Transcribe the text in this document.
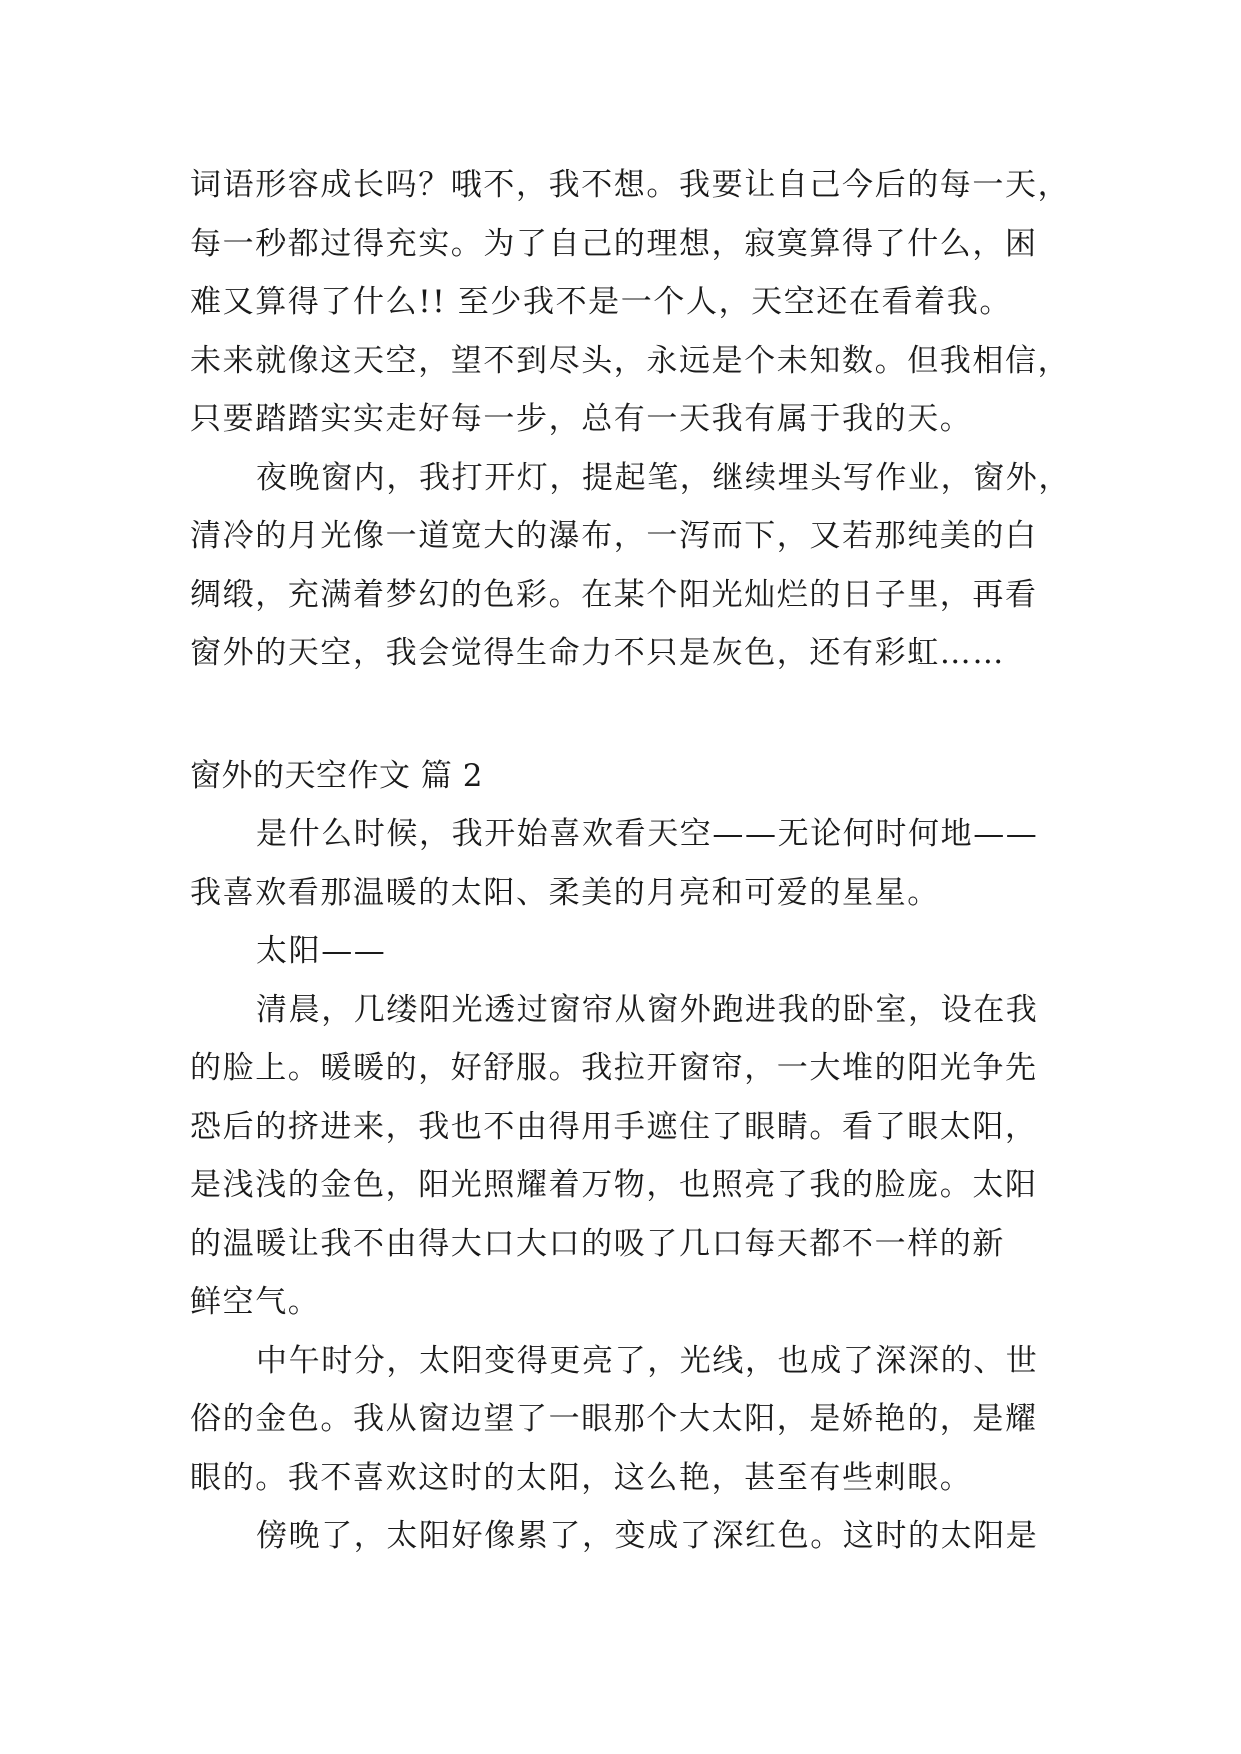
词语形容成长吗？哦不，我不想。我要让自己今后的每一天，
每一秒都过得充实。为了自己的理想，寂寞算得了什么，困
难又算得了什么!! 至少我不是一个人，天空还在看着我。
未来就像这天空，望不到尽头，永远是个未知数。但我相信，
只要踏踏实实走好每一步，总有一天我有属于我的天。
夜晚窗内，我打开灯，提起笔，继续埋头写作业，窗外，
清冷的月光像一道宽大的瀑布，一泻而下，又若那纯美的白
绸缎，充满着梦幻的色彩。在某个阳光灿烂的日子里，再看
窗外的天空，我会觉得生命力不只是灰色，还有彩虹……
窗外的天空作文 篇 2
是什么时候，我开始喜欢看天空——无论何时何地——
我喜欢看那温暖的太阳、柔美的月亮和可爱的星星。
太阳——
清晨，几缕阳光透过窗帘从窗外跑进我的卧室，设在我
的脸上。暖暖的，好舒服。我拉开窗帘，一大堆的阳光争先
恐后的挤进来，我也不由得用手遮住了眼睛。看了眼太阳，
是浅浅的金色，阳光照耀着万物，也照亮了我的脸庞。太阳
的温暖让我不由得大口大口的吸了几口每天都不一样的新
鲜空气。
中午时分，太阳变得更亮了，光线，也成了深深的、世
俗的金色。我从窗边望了一眼那个大太阳，是娇艳的，是耀
眼的。我不喜欢这时的太阳，这么艳，甚至有些刺眼。
傍晚了，太阳好像累了，变成了深红色。这时的太阳是
